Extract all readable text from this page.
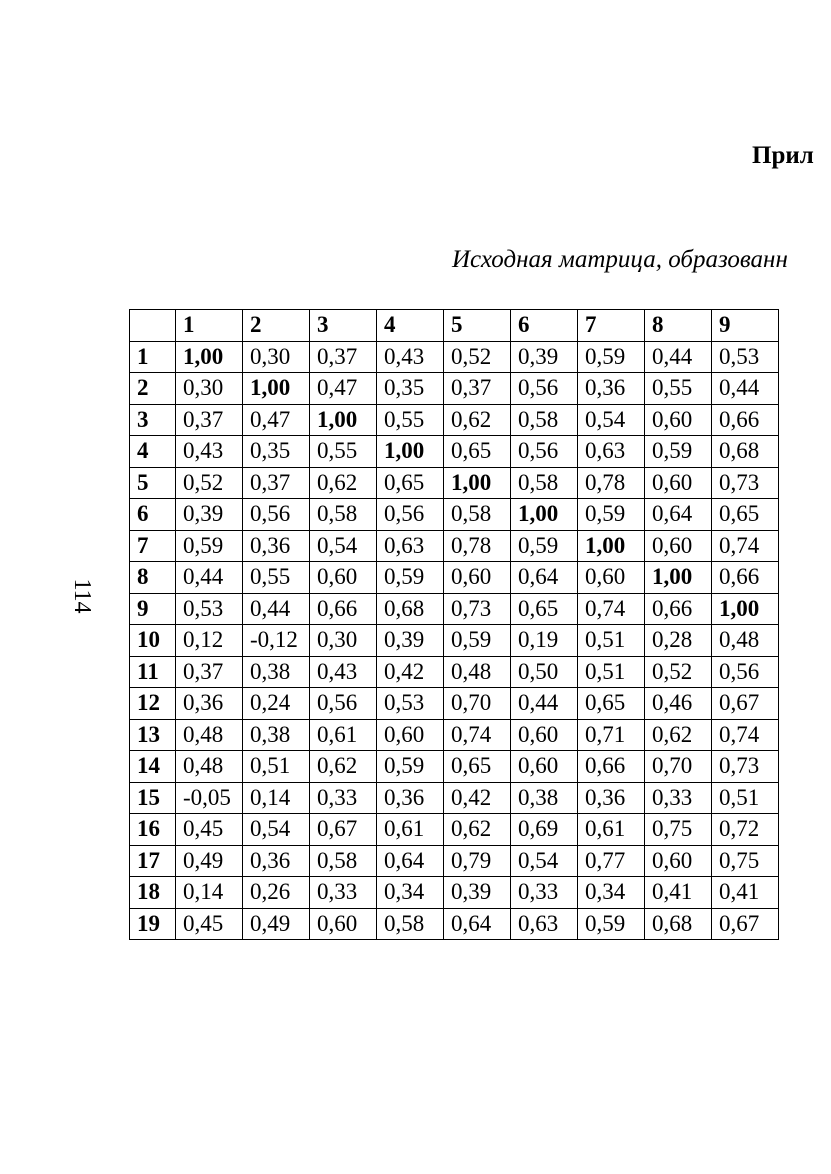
Прил
Исходная матрица, образованн
114
	1	2	3	4	5	6	7	8	9
1	1,00	0,30	0,37	0,43	0,52	0,39	0,59	0,44	0,53
2	0,30	1,00	0,47	0,35	0,37	0,56	0,36	0,55	0,44
3	0,37	0,47	1,00	0,55	0,62	0,58	0,54	0,60	0,66
4	0,43	0,35	0,55	1,00	0,65	0,56	0,63	0,59	0,68
5	0,52	0,37	0,62	0,65	1,00	0,58	0,78	0,60	0,73
6	0,39	0,56	0,58	0,56	0,58	1,00	0,59	0,64	0,65
7	0,59	0,36	0,54	0,63	0,78	0,59	1,00	0,60	0,74
8	0,44	0,55	0,60	0,59	0,60	0,64	0,60	1,00	0,66
9	0,53	0,44	0,66	0,68	0,73	0,65	0,74	0,66	1,00
10	0,12	-0,12	0,30	0,39	0,59	0,19	0,51	0,28	0,48
11	0,37	0,38	0,43	0,42	0,48	0,50	0,51	0,52	0,56
12	0,36	0,24	0,56	0,53	0,70	0,44	0,65	0,46	0,67
13	0,48	0,38	0,61	0,60	0,74	0,60	0,71	0,62	0,74
14	0,48	0,51	0,62	0,59	0,65	0,60	0,66	0,70	0,73
15	-0,05	0,14	0,33	0,36	0,42	0,38	0,36	0,33	0,51
16	0,45	0,54	0,67	0,61	0,62	0,69	0,61	0,75	0,72
17	0,49	0,36	0,58	0,64	0,79	0,54	0,77	0,60	0,75
18	0,14	0,26	0,33	0,34	0,39	0,33	0,34	0,41	0,41
19	0,45	0,49	0,60	0,58	0,64	0,63	0,59	0,68	0,67
